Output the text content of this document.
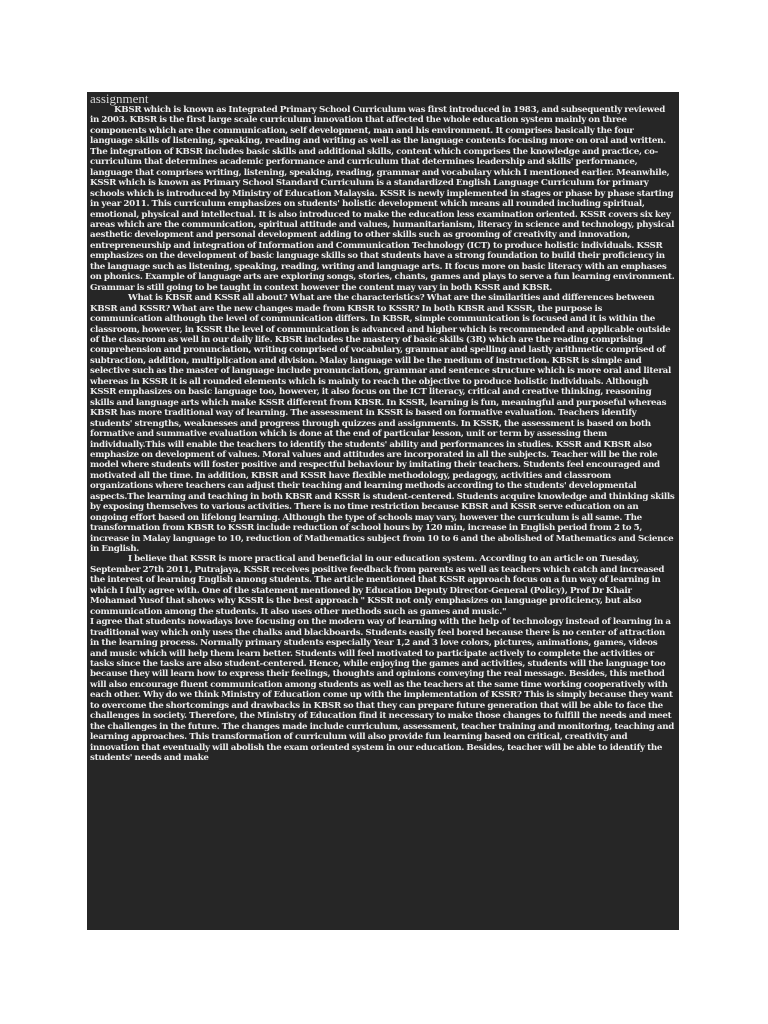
assignment

KBSR which is known as Integrated Primary School Curriculum was first introduced in 1983, and subsequently reviewed in 2003. KBSR is the first large scale curriculum innovation that affected the whole education system mainly on three components which are the communication, self development, man and his environment. It comprises basically the four language skills of listening, speaking, reading and writing as well as the language contents focusing more on oral and written. The integration of KBSR includes basic skills and additional skills, content which comprises the knowledge and practice, co-curriculum that determines academic performance and curriculum that determines leadership and skills' performance, language that comprises writing, listening, speaking, reading, grammar and vocabulary which I mentioned earlier. Meanwhile, KSSR which is known as Primary School Standard Curriculum is a standardized English Language Curriculum for primary schools which is introduced by Ministry of Education Malaysia. KSSR is newly implemented in stages or phase by phase starting in year 2011. This curriculum emphasizes on students' holistic development which means all rounded including spiritual, emotional, physical and intellectual. It is also introduced to make the education less examination oriented. KSSR covers six key areas which are the communication, spiritual attitude and values, humanitarianism, literacy in science and technology, physical aesthetic development and personal development adding to other skills such as grooming of creativity and innovation, entrepreneurship and integration of Information and Communication Technology (ICT) to produce holistic individuals. KSSR emphasizes on the development of basic language skills so that students have a strong foundation to build their proficiency in the language such as listening, speaking, reading, writing and language arts. It focus more on basic literacy with an emphases on phonics. Example of language arts are exploring songs, stories, chants, games and plays to serve a fun learning environment. Grammar is still going to be taught in context however the content may vary in both KSSR and KBSR.

What is KBSR and KSSR all about? What are the characteristics? What are the similarities and differences between KBSR and KSSR? What are the new changes made from KBSR to KSSR? In both KBSR and KSSR, the purpose is communication although the level of communication differs. In KBSR, simple communication is focused and it is within the classroom, however, in KSSR the level of communication is advanced and higher which is recommended and applicable outside of the classroom as well in our daily life. KBSR includes the mastery of basic skills (3R) which are the reading comprising comprehension and pronunciation, writing comprised of vocabulary, grammar and spelling and lastly arithmetic comprised of subtraction, addition, multiplication and division. Malay language will be the medium of instruction. KBSR is simple and selective such as the master of language include pronunciation, grammar and sentence structure which is more oral and literal whereas in KSSR it is all rounded elements which is mainly to reach the objective to produce holistic individuals. Although KSSR emphasizes on basic language too, however, it also focus on the ICT literacy, critical and creative thinking, reasoning skills and language arts which make KSSR different from KBSR. In KSSR, learning is fun, meaningful and purposeful whereas KBSR has more traditional way of learning. The assessment in KSSR is based on formative evaluation. Teachers identify students' strengths, weaknesses and progress through quizzes and assignments. In KSSR, the assessment is based on both formative and summative evaluation which is done at the end of particular lesson, unit or term by assessing them individually.This will enable the teachers to identify the students' ability and performances in studies. KSSR and KBSR also emphasize on development of values. Moral values and attitudes are incorporated in all the subjects. Teacher will be the role model where students will foster positive and respectful behaviour by imitating their teachers. Students feel encouraged and motivated all the time. In addition, KBSR and KSSR have flexible methodology, pedagogy, activities and classroom organizations where teachers can adjust their teaching and learning methods according to the students' developmental aspects.The learning and teaching in both KBSR and KSSR is student-centered. Students acquire knowledge and thinking skills by exposing themselves to various activities. There is no time restriction because KBSR and KSSR serve education on an ongoing effort based on lifelong learning. Although the type of schools may vary, however the curriculum is all same. The transformation from KBSR to KSSR include reduction of school hours by 120 min, increase in English period from 2 to 5, increase in Malay language to 10, reduction of Mathematics subject from 10 to 6 and the abolished of Mathematics and Science in English.

I believe that KSSR is more practical and beneficial in our education system. According to an article on Tuesday, September 27th 2011, Putrajaya, KSSR receives positive feedback from parents as well as teachers which catch and increased the interest of learning English among students. The article mentioned that KSSR approach focus on a fun way of learning in which I fully agree with. One of the statement mentioned by Education Deputy Director-General (Policy), Prof Dr Khair Mohamad Yusof that shows why KSSR is the best approach " KSSR not only emphasizes on language proficiency, but also communication among the students. It also uses other methods such as games and music."

I agree that students nowadays love focusing on the modern way of learning with the help of technology instead of learning in a traditional way which only uses the chalks and blackboards. Students easily feel bored because there is no center of attraction in the learning process. Normally primary students especially Year 1,2 and 3 love colors, pictures, animations, games, videos and music which will help them learn better. Students will feel motivated to participate actively to complete the activities or tasks since the tasks are also student-centered. Hence, while enjoying the games and activities, students will the language too because they will learn how to express their feelings, thoughts and opinions conveying the real message. Besides, this method will also encourage fluent communication among students as well as the teachers at the same time working cooperatively with each other. Why do we think Ministry of Education come up with the implementation of KSSR? This is simply because they want to overcome the shortcomings and drawbacks in KBSR so that they can prepare future generation that will be able to face the challenges in society. Therefore, the Ministry of Education find it necessary to make those changes to fulfill the needs and meet the challenges in the future. The changes made include curriculum, assessment, teacher training and monitoring, teaching and learning approaches. This transformation of curriculum will also provide fun learning based on critical, creativity and innovation that eventually will abolish the exam oriented system in our education. Besides, teacher will be able to identify the students' needs and make
